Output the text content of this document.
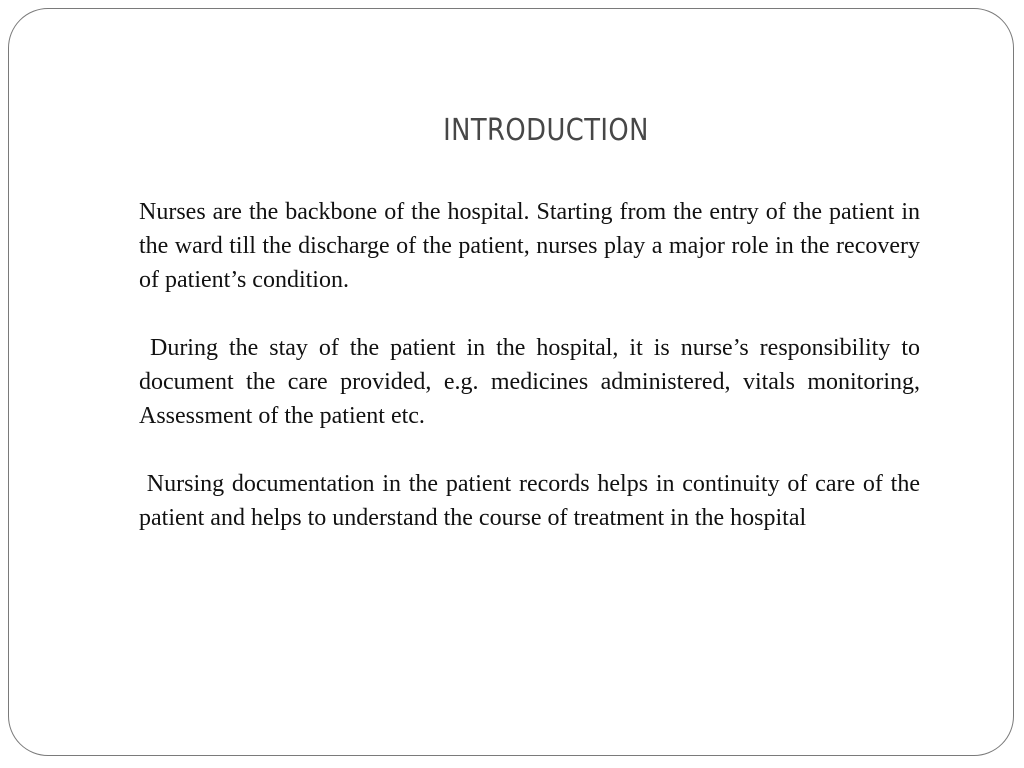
INTRODUCTION

Nurses are the backbone of the hospital. Starting from the entry of the patient in the ward till the discharge of the patient, nurses play a major role in the recovery of patient’s condition.

During the stay of the patient in the hospital, it is nurse’s responsibility to document the care provided, e.g. medicines administered, vitals monitoring, Assessment of the patient etc.

Nursing documentation in the patient records helps in continuity of care of the patient and helps to understand the course of treatment in the hospital
